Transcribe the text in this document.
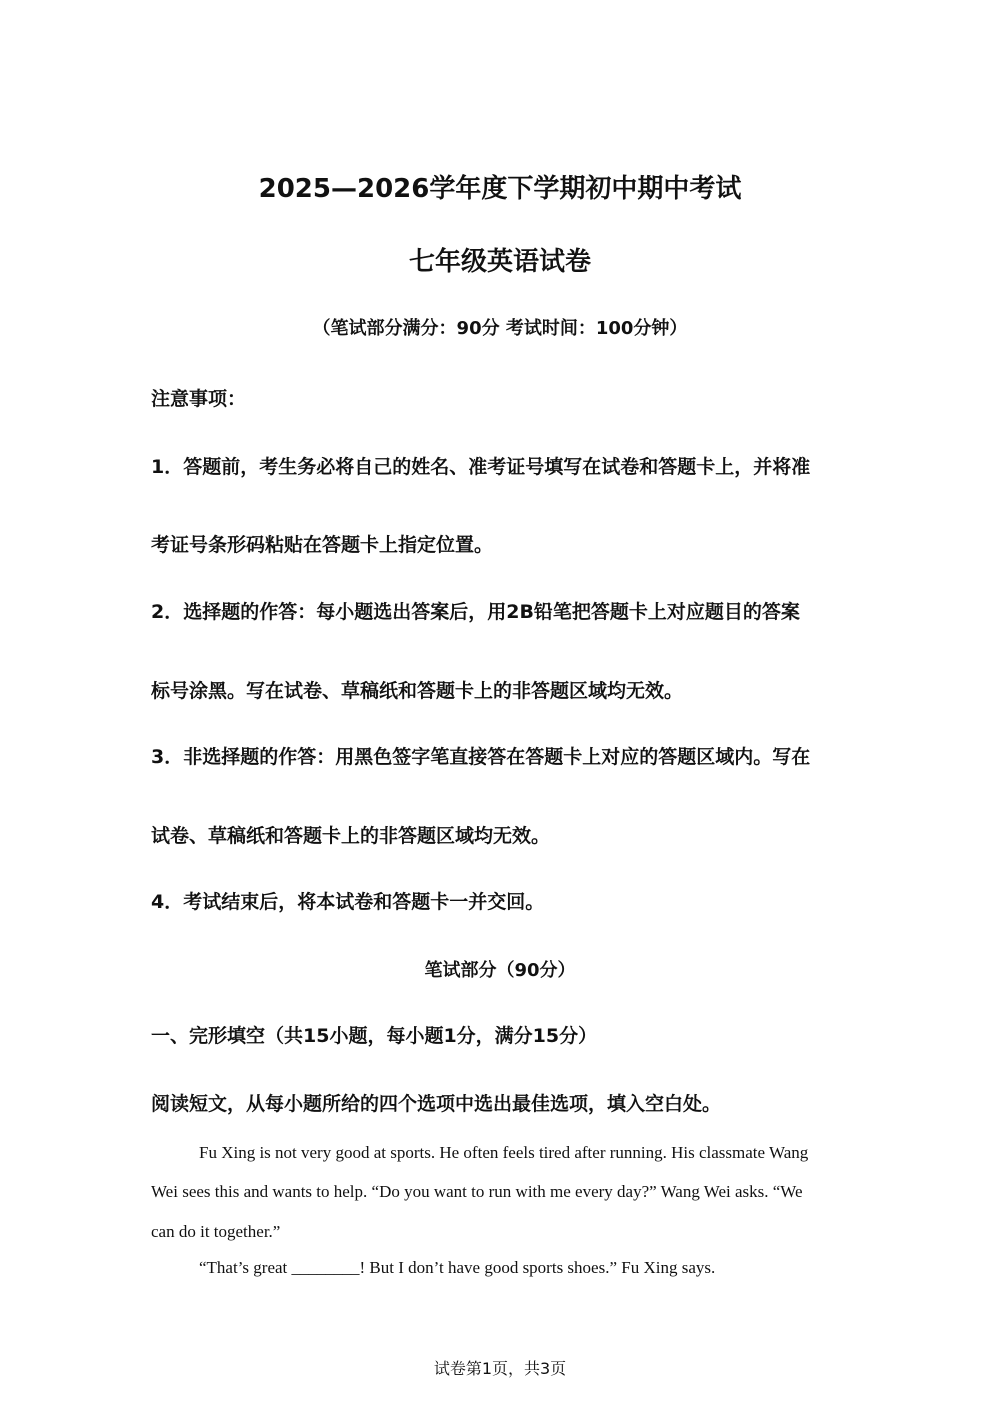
2025—2026学年度下学期初中期中考试
七年级英语试卷
（笔试部分满分：90分 考试时间：100分钟）
注意事项：
1．答题前，考生务必将自己的姓名、准考证号填写在试卷和答题卡上，并将准
考证号条形码粘贴在答题卡上指定位置。
2．选择题的作答：每小题选出答案后，用2B铅笔把答题卡上对应题目的答案
标号涂黑。写在试卷、草稿纸和答题卡上的非答题区域均无效。
3．非选择题的作答：用黑色签字笔直接答在答题卡上对应的答题区域内。写在
试卷、草稿纸和答题卡上的非答题区域均无效。
4．考试结束后，将本试卷和答题卡一并交回。
笔试部分（90分）
一、完形填空（共15小题，每小题1分，满分15分）
阅读短文，从每小题所给的四个选项中选出最佳选项，填入空白处。
Fu Xing is not very good at sports. He often feels tired after running. His classmate Wang
Wei sees this and wants to help. “Do you want to run with me every day?” Wang Wei asks. “We
can do it together.”
“That’s great ________! But I don’t have good sports shoes.” Fu Xing says.
试卷第1页，共3页
